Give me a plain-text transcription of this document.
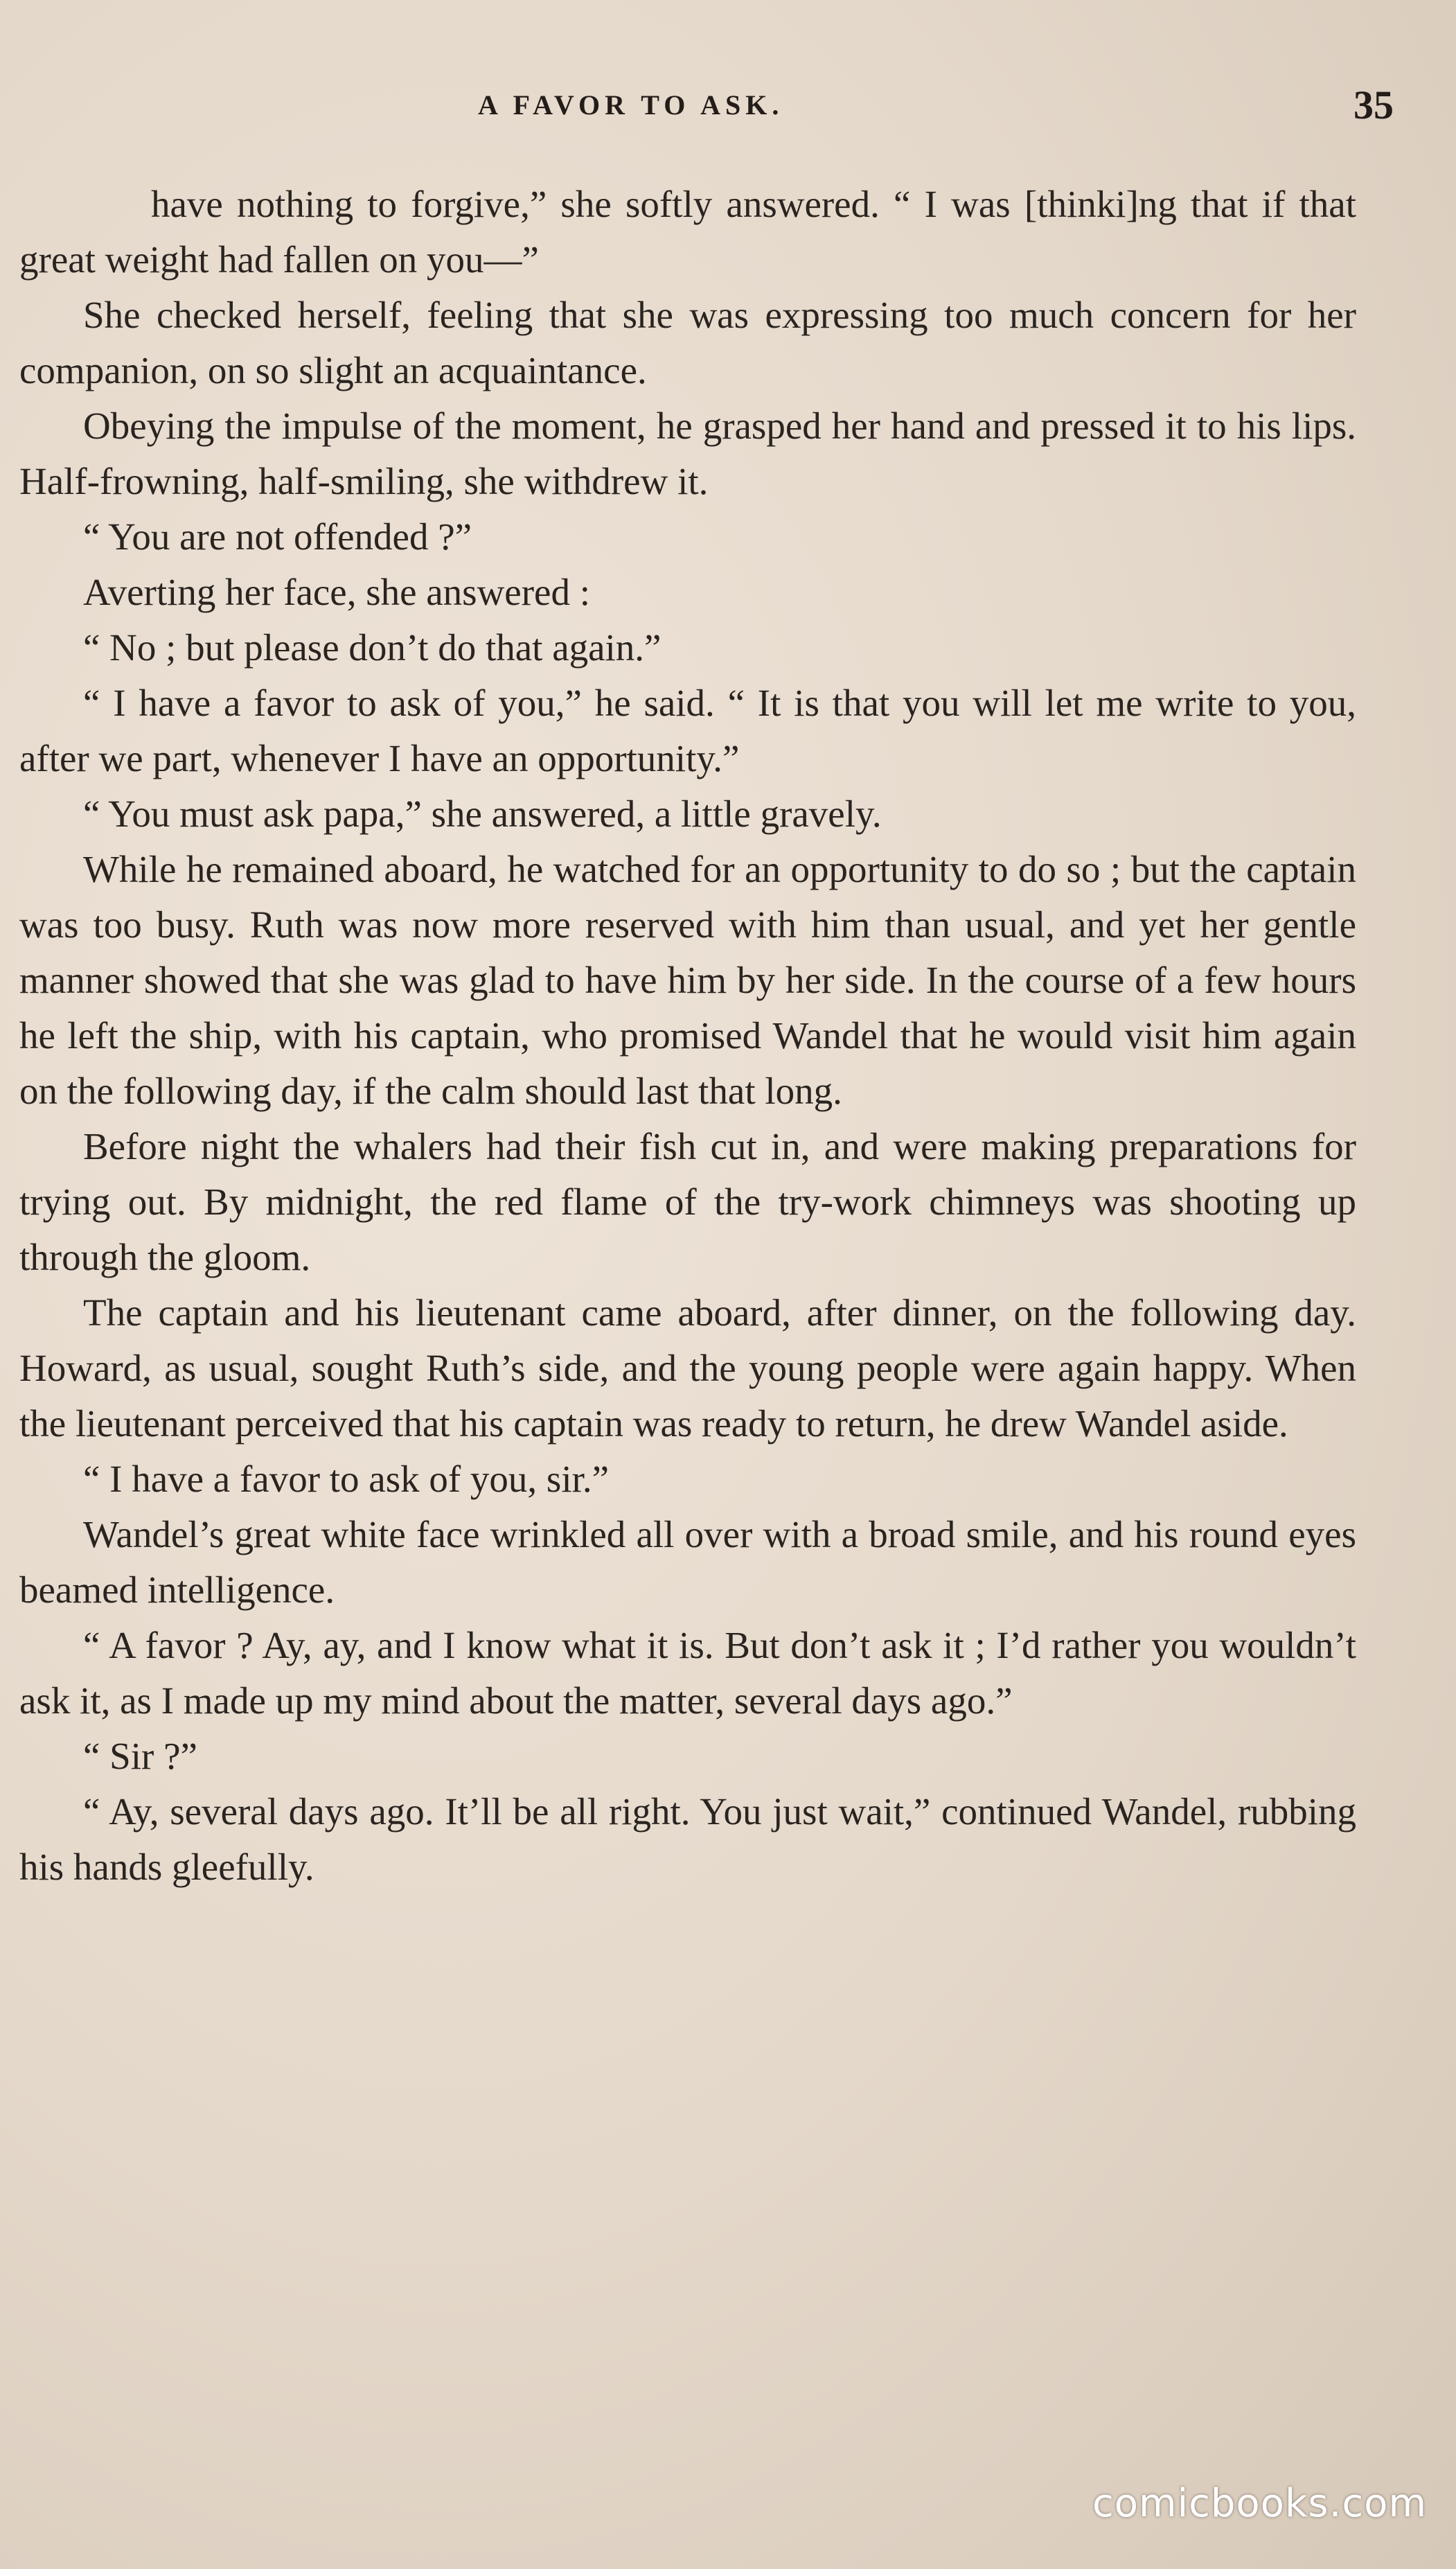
A FAVOR TO ASK.	35

have nothing to forgive,” she softly answered. “ I was [thinki]ng that if that great weight had fallen on you—”

She checked herself, feeling that she was expressing too much concern for her companion, on so slight an acquaintance.

Obeying the impulse of the moment, he grasped her hand and pressed it to his lips. Half-frowning, half-smiling, she withdrew it.

“ You are not offended ?”

Averting her face, she answered :

“ No ; but please don’t do that again.”

“ I have a favor to ask of you,” he said. “ It is that you will let me write to you, after we part, whenever I have an opportunity.”

“ You must ask papa,” she answered, a little gravely.

While he remained aboard, he watched for an opportunity to do so ; but the captain was too busy. Ruth was now more reserved with him than usual, and yet her gentle manner showed that she was glad to have him by her side. In the course of a few hours he left the ship, with his captain, who promised Wandel that he would visit him again on the following day, if the calm should last that long.

Before night the whalers had their fish cut in, and were making preparations for trying out. By midnight, the red flame of the try-work chimneys was shooting up through the gloom.

The captain and his lieutenant came aboard, after dinner, on the following day. Howard, as usual, sought Ruth’s side, and the young people were again happy. When the lieutenant perceived that his captain was ready to return, he drew Wandel aside.

“ I have a favor to ask of you, sir.”

Wandel’s great white face wrinkled all over with a broad smile, and his round eyes beamed intelligence.

“ A favor ? Ay, ay, and I know what it is. But don’t ask it ; I’d rather you wouldn’t ask it, as I made up my mind about the matter, several days ago.”

“ Sir ?”

“ Ay, several days ago. It’ll be all right. You just wait,” continued Wandel, rubbing his hands gleefully.

comicbooks.com
